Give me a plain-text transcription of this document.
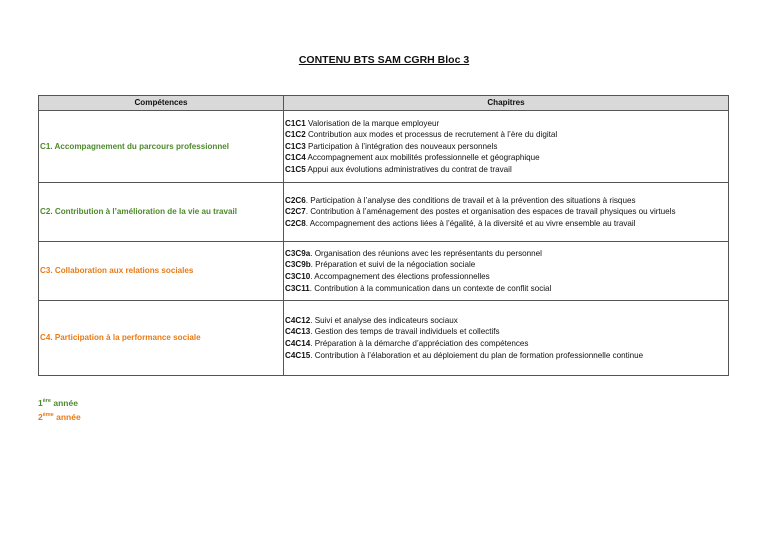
CONTENU BTS SAM CGRH Bloc 3
Compétences	Chapitres
C1. Accompagnement du parcours professionnel	C1C1 Valorisation de la marque employeur
C1C2 Contribution aux modes et processus de recrutement à l’ère du digital
C1C3 Participation à l’intégration des nouveaux personnels
C1C4 Accompagnement aux mobilités professionnelle et géographique
C1C5 Appui aux évolutions administratives du contrat de travail

C2. Contribution à l’amélioration de la vie au travail	C2C6. Participation à l’analyse des conditions de travail et à la prévention des situations à risques
C2C7. Contribution à l’aménagement des postes et organisation des espaces de travail physiques ou virtuels
C2C8. Accompagnement des actions liées à l’égalité, à la diversité et au vivre ensemble au travail

C3. Collaboration aux relations sociales	C3C9a. Organisation des réunions avec les représentants du personnel
C3C9b. Préparation et suivi de la négociation sociale
C3C10. Accompagnement des élections professionnelles
C3C11. Contribution à la communication dans un contexte de conflit social

C4. Participation à la performance sociale	C4C12. Suivi et analyse des indicateurs sociaux
C4C13. Gestion des temps de travail individuels et collectifs
C4C14. Préparation à la démarche d’appréciation des compétences
C4C15. Contribution à l’élaboration et au déploiement du plan de formation professionnelle continue
1ère année
2ème année
